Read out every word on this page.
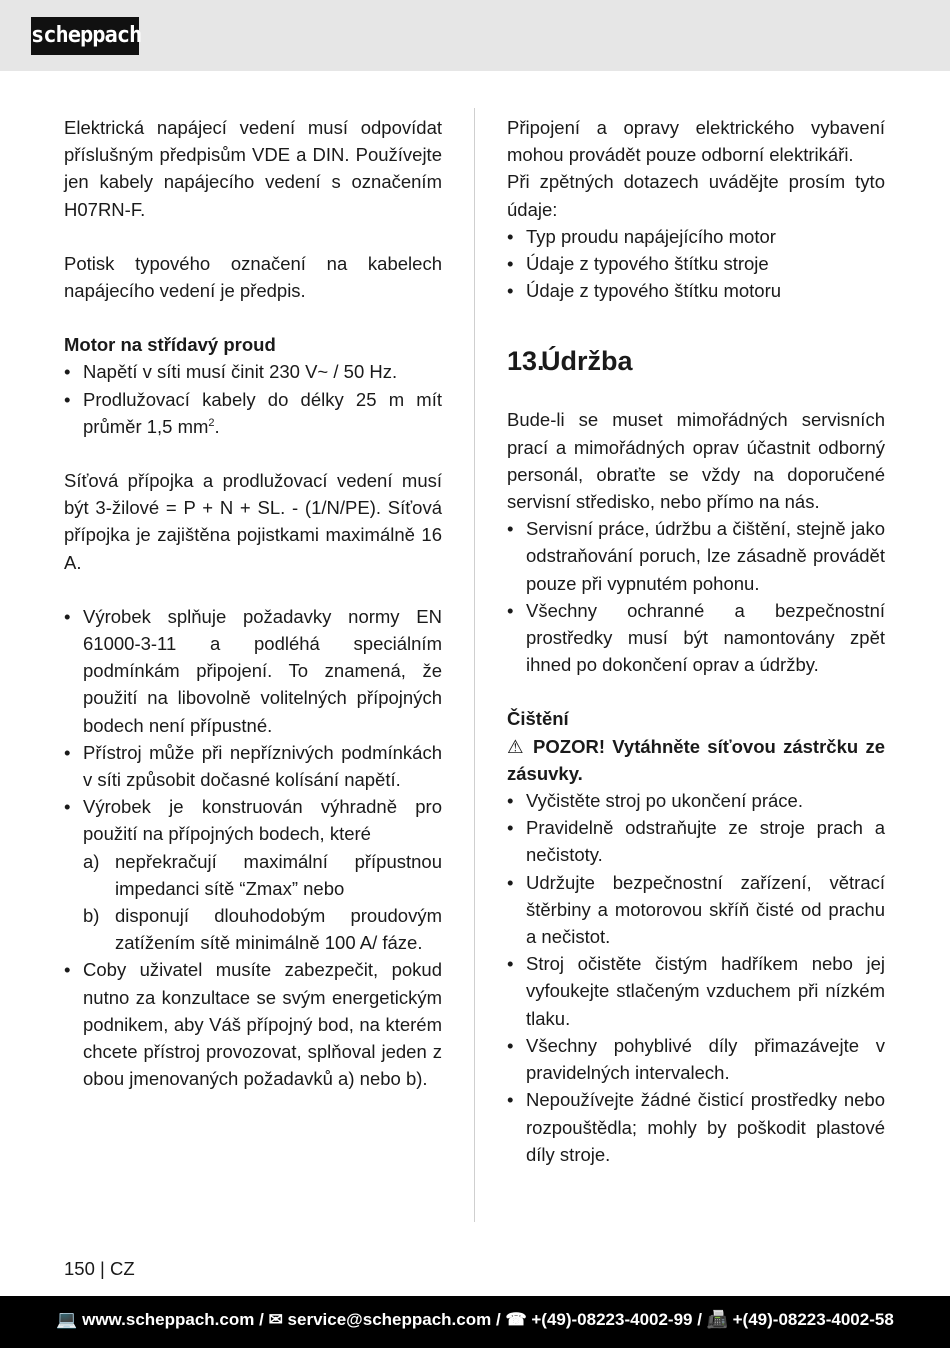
scheppach

Elektrická napájecí vedení musí odpovídat příslušným předpisům VDE a DIN. Používejte jen kabely napájecího vedení s označením H07RN-F.

Potisk typového označení na kabelech napájecího vedení je předpis.

Motor na střídavý proud

• Napětí v síti musí činit 230 V~ / 50 Hz.
• Prodlužovací kabely do délky 25 m mít průměr 1,5 $mm^2$.

Síťová přípojka a prodlužovací vedení musí být 3-žilové = P + N + SL. - (1/N/PE). Síťová přípojka je zajištěna pojistkami maximálně 16 A.

• Výrobek splňuje požadavky normy EN 61000-3-11 a podléhá speciálním podmínkám připojení. To znamená, že použití na libovolně volitelných přípojných bodech není přípustné.
• Přístroj může při nepříznivých podmínkách v síti způsobit dočasné kolísání napětí.
• Výrobek je konstruován výhradně pro použití na přípojných bodech, které
a) nepřekračují maximální přípustnou impedanci sítě “Zmax” nebo
b) disponují dlouhodobým proudovým zatížením sítě minimálně 100 A/ fáze.
• Coby uživatel musíte zabezpečit, pokud nutno za konzultace se svým energetickým podnikem, aby Váš přípojný bod, na kterém chcete přístroj provozovat, splňoval jeden z obou jmenovaných požadavků a) nebo b).

Připojení a opravy elektrického vybavení mohou provádět pouze odborní elektrikáři.

Při zpětných dotazech uvádějte prosím tyto údaje:

• Typ proudu napájejícího motor
• Údaje z typového štítku stroje
• Údaje z typového štítku motoru
13.Údržba

Bude-li se muset mimořádných servisních prací a mimořádných oprav účastnit odborný personál, obraťte se vždy na doporučené servisní středisko, nebo přímo na nás.

• Servisní práce, údržbu a čištění, stejně jako odstraňování poruch, lze zásadně provádět pouze při vypnutém pohonu.
• Všechny ochranné a bezpečnostní prostředky musí být namontovány zpět ihned po dokončení oprav a údržby.

Čištění

⚠ POZOR! Vytáhněte síťovou zástrčku ze zásuvky.

• Vyčistěte stroj po ukončení práce.
• Pravidelně odstraňujte ze stroje prach a nečistoty.
• Udržujte bezpečnostní zařízení, větrací štěrbiny a motorovou skříň čisté od prachu a nečistot.
• Stroj očistěte čistým hadříkem nebo jej vyfoukejte stlačeným vzduchem při nízkém tlaku.
• Všechny pohyblivé díly přimazávejte v pravidelných intervalech.
• Nepoužívejte žádné čisticí prostředky nebo rozpouštědla; mohly by poškodit plastové díly stroje.
150 | CZ
💻 www.scheppach.com / ✉ service@scheppach.com / ☎ +(49)-08223-4002-99 / 📠 +(49)-08223-4002-58
